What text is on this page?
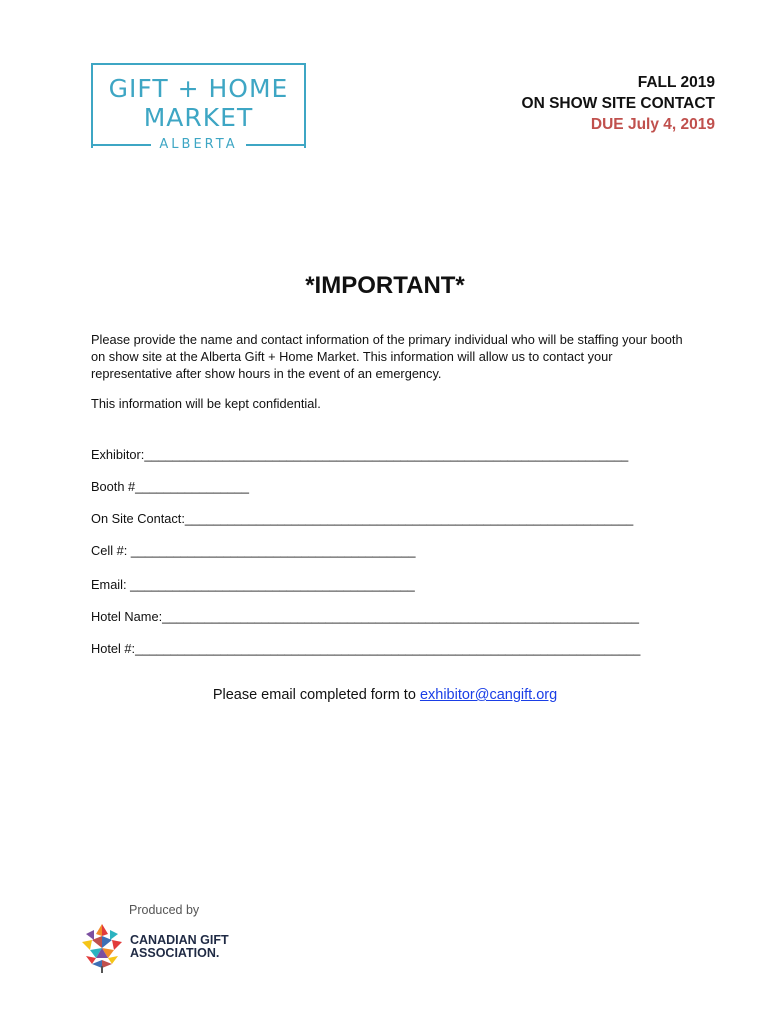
GIFT + HOME
MARKET
ALBERTA
FALL 2019
ON SHOW SITE CONTACT
DUE July 4, 2019
*IMPORTANT*

Please provide the name and contact information of the primary individual who will be staffing your booth on show site at the Alberta Gift + Home Market. This information will allow us to contact your representative after show hours in the event of an emergency.

This information will be kept confidential.

Exhibitor:____________________________________________________________________
Booth #________________
On Site Contact:_______________________________________________________________
Cell #: ________________________________________
Email: ________________________________________
Hotel Name:___________________________________________________________________
Hotel #:_______________________________________________________________________
Please email completed form to exhibitor@cangift.org
Produced by
CANADIAN GIFT
ASSOCIATION.
